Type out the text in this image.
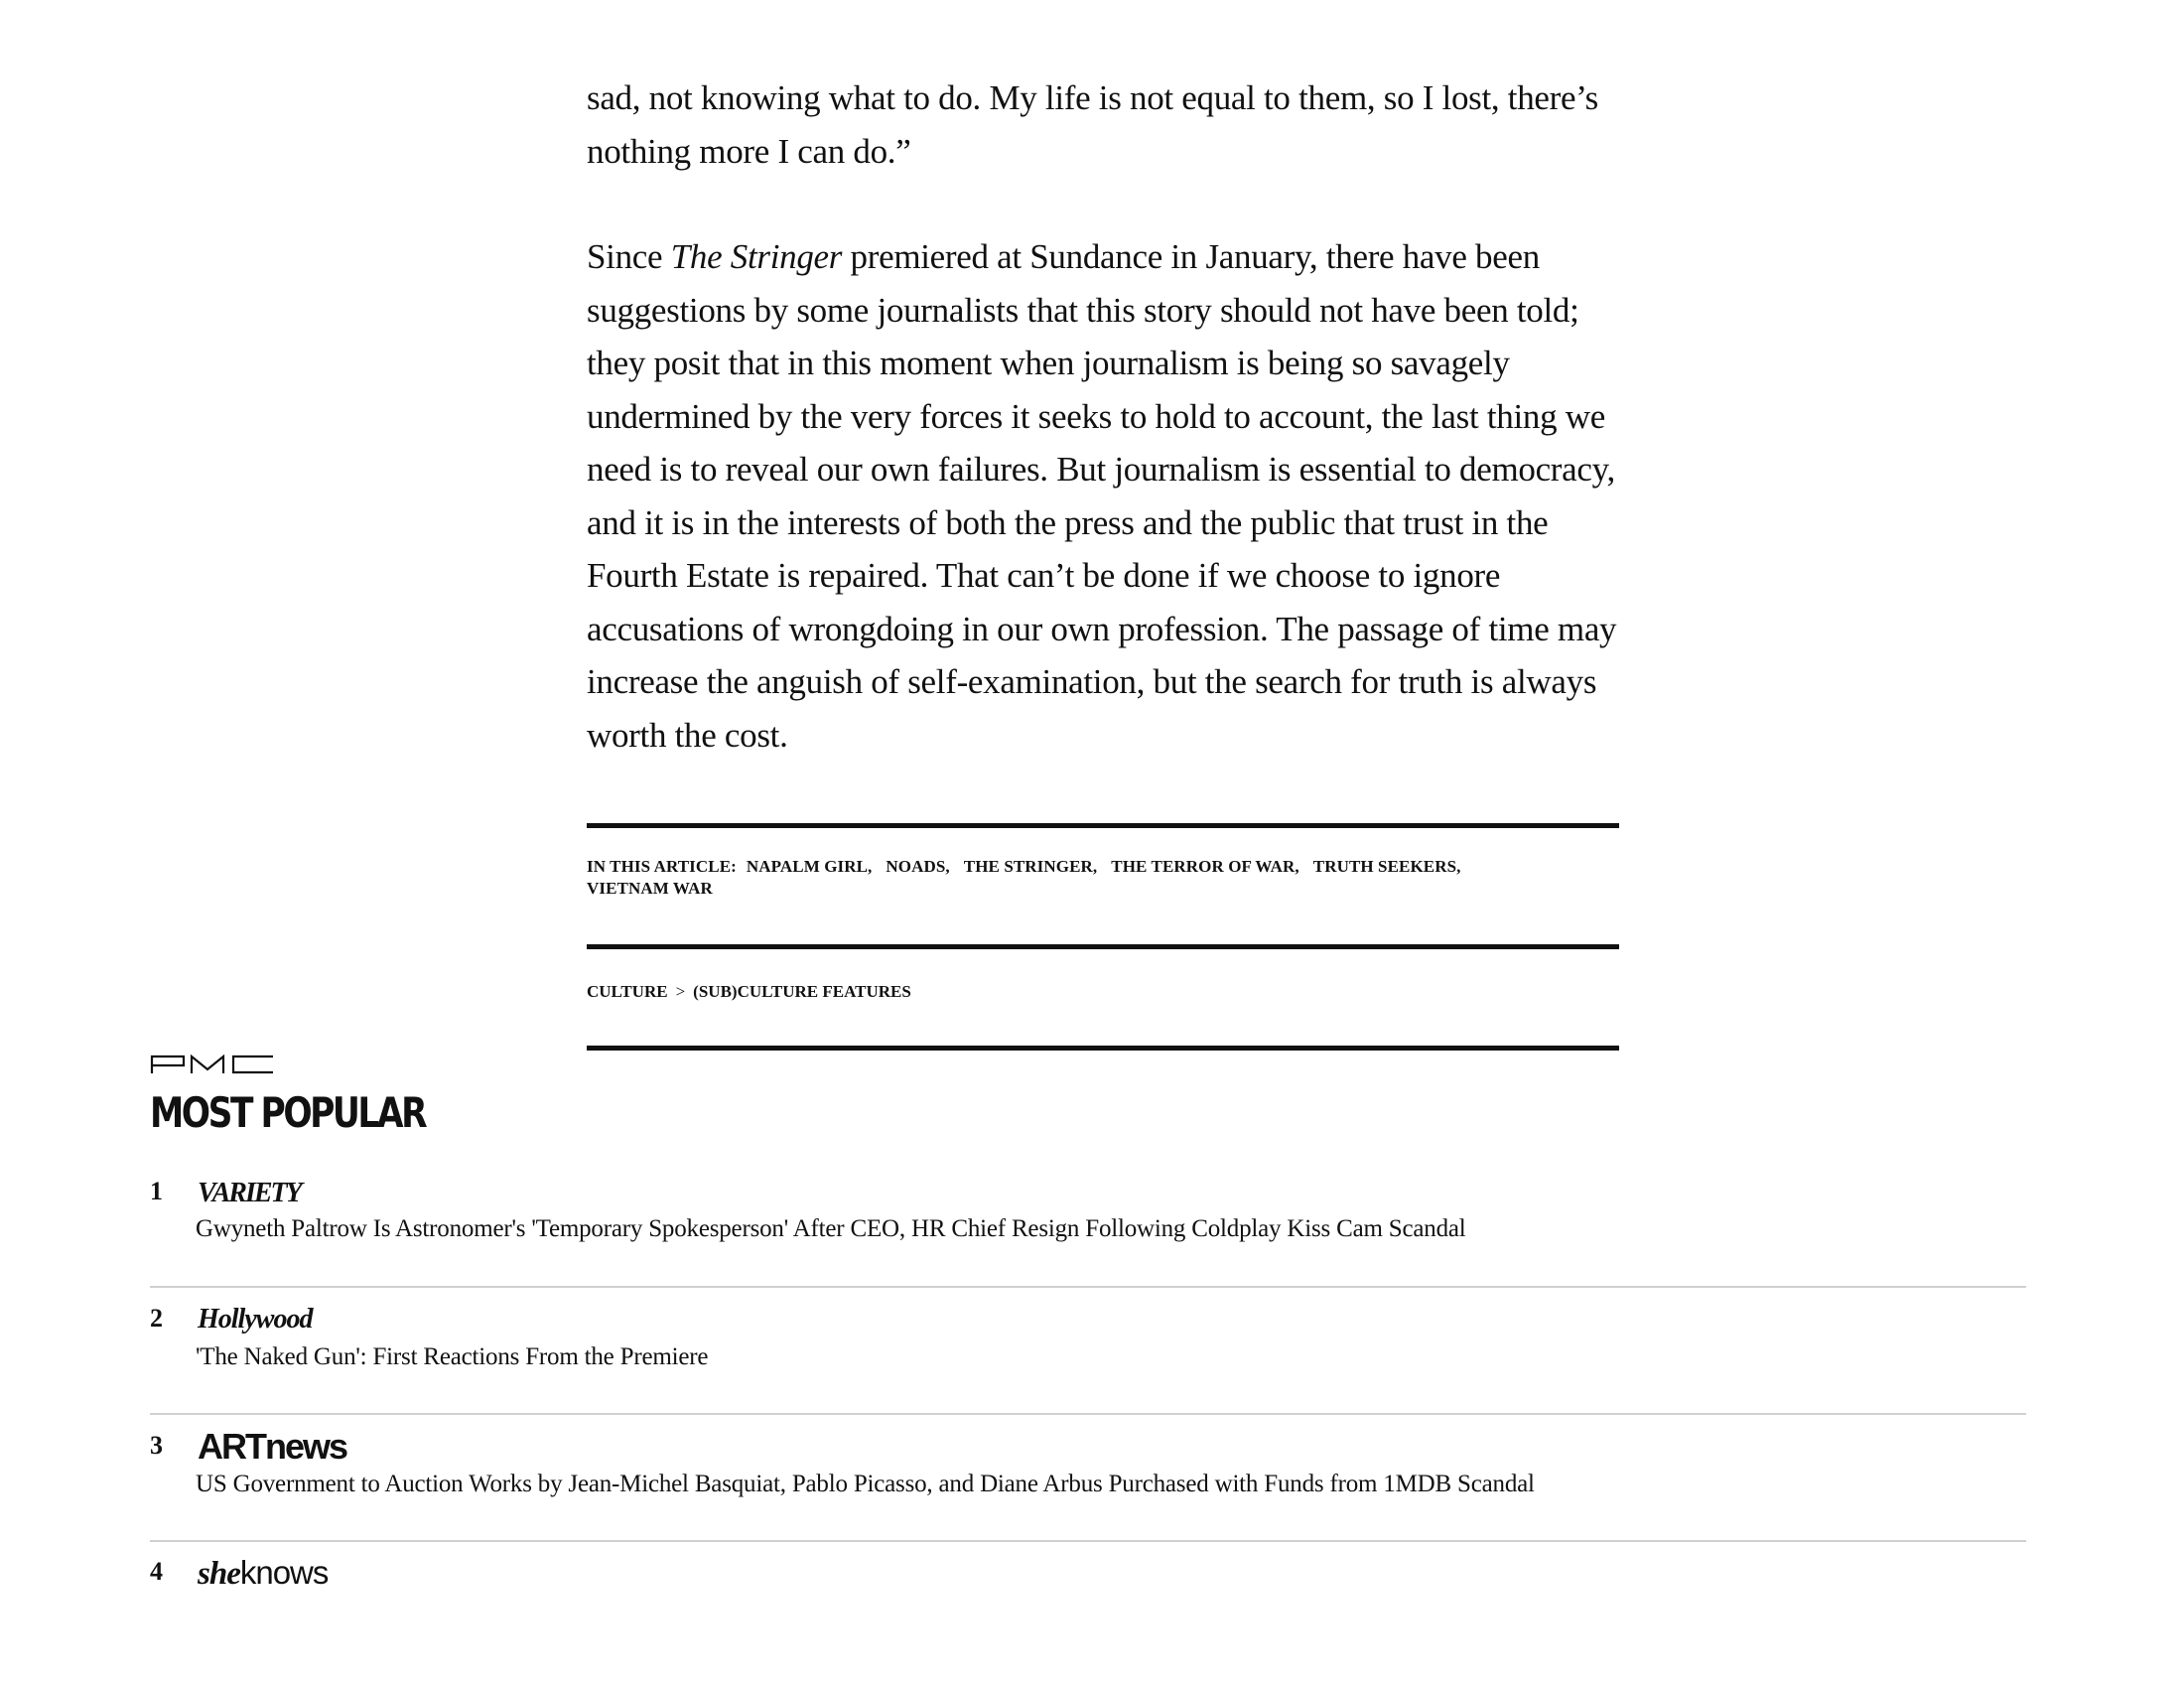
sad, not knowing what to do. My life is not equal to them, so I lost, there’s nothing more I can do.”

Since The Stringer premiered at Sundance in January, there have been suggestions by some journalists that this story should not have been told; they posit that in this moment when journalism is being so savagely undermined by the very forces it seeks to hold to account, the last thing we need is to reveal our own failures. But journalism is essential to democracy, and it is in the interests of both the press and the public that trust in the Fourth Estate is repaired. That can’t be done if we choose to ignore accusations of wrongdoing in our own profession. The passage of time may increase the anguish of self-examination, but the search for truth is always worth the cost.

IN THIS ARTICLE: NAPALM GIRL, NOADS, THE STRINGER, THE TERROR OF WAR, TRUTH SEEKERS,
VIETNAM WAR
CULTURE > (SUB)CULTURE FEATURES
MOST POPULAR
1 VARIETY
Gwyneth Paltrow Is Astronomer's 'Temporary Spokesperson' After CEO, HR Chief Resign Following Coldplay Kiss Cam Scandal
2 Hollywood
'The Naked Gun': First Reactions From the Premiere
3 ARTnews
US Government to Auction Works by Jean-Michel Basquiat, Pablo Picasso, and Diane Arbus Purchased with Funds from 1MDB Scandal
4 sheknows
